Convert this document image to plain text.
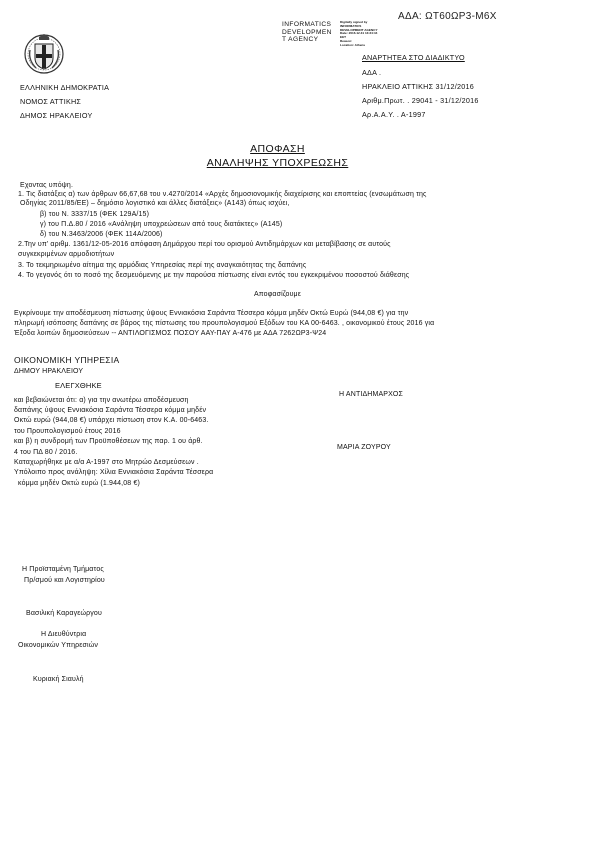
ΑΔΑ: ΩΤ60ΩΡ3-Μ6Χ
INFORMATICS
DEVELOPMEN
T AGENCY
Digitally signed by
INFORMATICS
DEVELOPMENT AGENCY
Date: 2016.12.31 13:34:44
EET
Reason:
Location: Athens
ΑΝΑΡΤΗΤΕΑ ΣΤΟ ΔΙΑΔΙΚΤΥΟ
ΑΔΑ .
ΗΡΑΚΛΕΙΟ ΑΤΤΙΚΗΣ 31/12/2016
Αριθμ.Πρωτ. . 29041 - 31/12/2016
Αρ.Α.Α.Υ. . Α-1997
ΕΛΛΗΝΙΚΗ ΔΗΜΟΚΡΑΤΙΑ
ΝΟΜΟΣ ΑΤΤΙΚΗΣ
ΔΗΜΟΣ ΗΡΑΚΛΕΙΟΥ
ΑΠΟΦΑΣΗ
ΑΝΑΛΗΨΗΣ ΥΠΟΧΡΕΩΣΗΣ
Εχοντας υπόψη.
1. Τις διατάξεις α) των άρθρων 66,67,68 του ν.4270/2014 «Αρχές δημοσιονομικής διαχείρισης και εποπτείας (ενσωμάτωση της
Οδηγίας 2011/85/ΕΕ) – δημόσιο λογιστικό και άλλες διατάξεις» (Α143) όπως ισχύει,
β) του Ν. 3337/15 (ΦΕΚ 129Α/15)
γ) του Π.Δ.80 / 2016 «Ανάληψη υποχρεώσεων από τους διατάκτες» (Α145)
δ) του Ν.3463/2006 (ΦΕΚ 114Α/2006)
2.Την υπ' αριθμ. 1361/12-05-2016 απόφαση Δημάρχου περί του ορισμού Αντιδημάρχων και μεταβίβασης σε αυτούς
συγκεκριμένων αρμοδιοτήτων
3. Το τεκμηριωμένο αίτημα της αρμόδιας Υπηρεσίας περί της αναγκαιότητας της δαπάνης
4. Το γεγονός ότι το ποσό της δεσμευόμενης με την παρούσα πίστωσης είναι εντός του εγκεκριμένου ποσοστού διάθεσης
Αποφασίζουμε
Εγκρίνουμε την αποδέσμευση πίστωσης ύψους Εννιακόσια Σαράντα Τέσσερα κόμμα μηδέν Οκτώ Ευρώ (944,08 €) για την
πληρωμή ισόποσης δαπάνης σε βάρος της πίστωσης του προυπολογισμού Εξόδων του ΚΑ 00-6463. , οικονομικού έτους 2016 για
Έξοδα λοιπών δημοσιεύσεων -- ΑΝΤΙΛΟΓΙΣΜΟΣ ΠΟΣΟΥ ΑΑΥ-ΠΑΥ Α-476 με ΑΔΑ 7262ΩΡ3-Ψ24
ΟΙΚΟΝΟΜΙΚΗ ΥΠΗΡΕΣΙΑ
ΔΗΜΟΥ ΗΡΑΚΛΕΙΟΥ
ΕΛΕΓΧΘΗΚΕ
και βεβαιώνεται ότι: α) για την ανωτέρω αποδέσμευση
δαπάνης ύψους Εννιακόσια Σαράντα Τέσσερα κόμμα μηδέν
Οκτώ ευρώ (944,08 €) υπάρχει πίστωση στον Κ.Α. 00-6463.
του Προυπολογισμού έτους 2016
και β) η συνδρομή των Προϋποθέσεων της παρ. 1 ου άρθ.
4 του ΠΔ 80 / 2016.
Καταχωρήθηκε με α/α Α-1997 στο Μητρώο Δεσμεύσεων .
Υπόλοιπο προς ανάληψη: Χίλια Εννιακόσια Σαράντα Τέσσερα
κόμμα μηδέν Οκτώ ευρώ (1.944,08 €)
Η ΑΝΤΙΔΗΜΑΡΧΟΣ
ΜΑΡΙΑ ΖΟΥΡΟΥ
Η Προϊσταμένη Τμήματος
Πρ/σμού και Λογιστηρίου
Βασιλική Καραγεώργου
Η Διευθύντρια
Οικονομικών Υπηρεσιών
Κυριακή Σιαυλή
